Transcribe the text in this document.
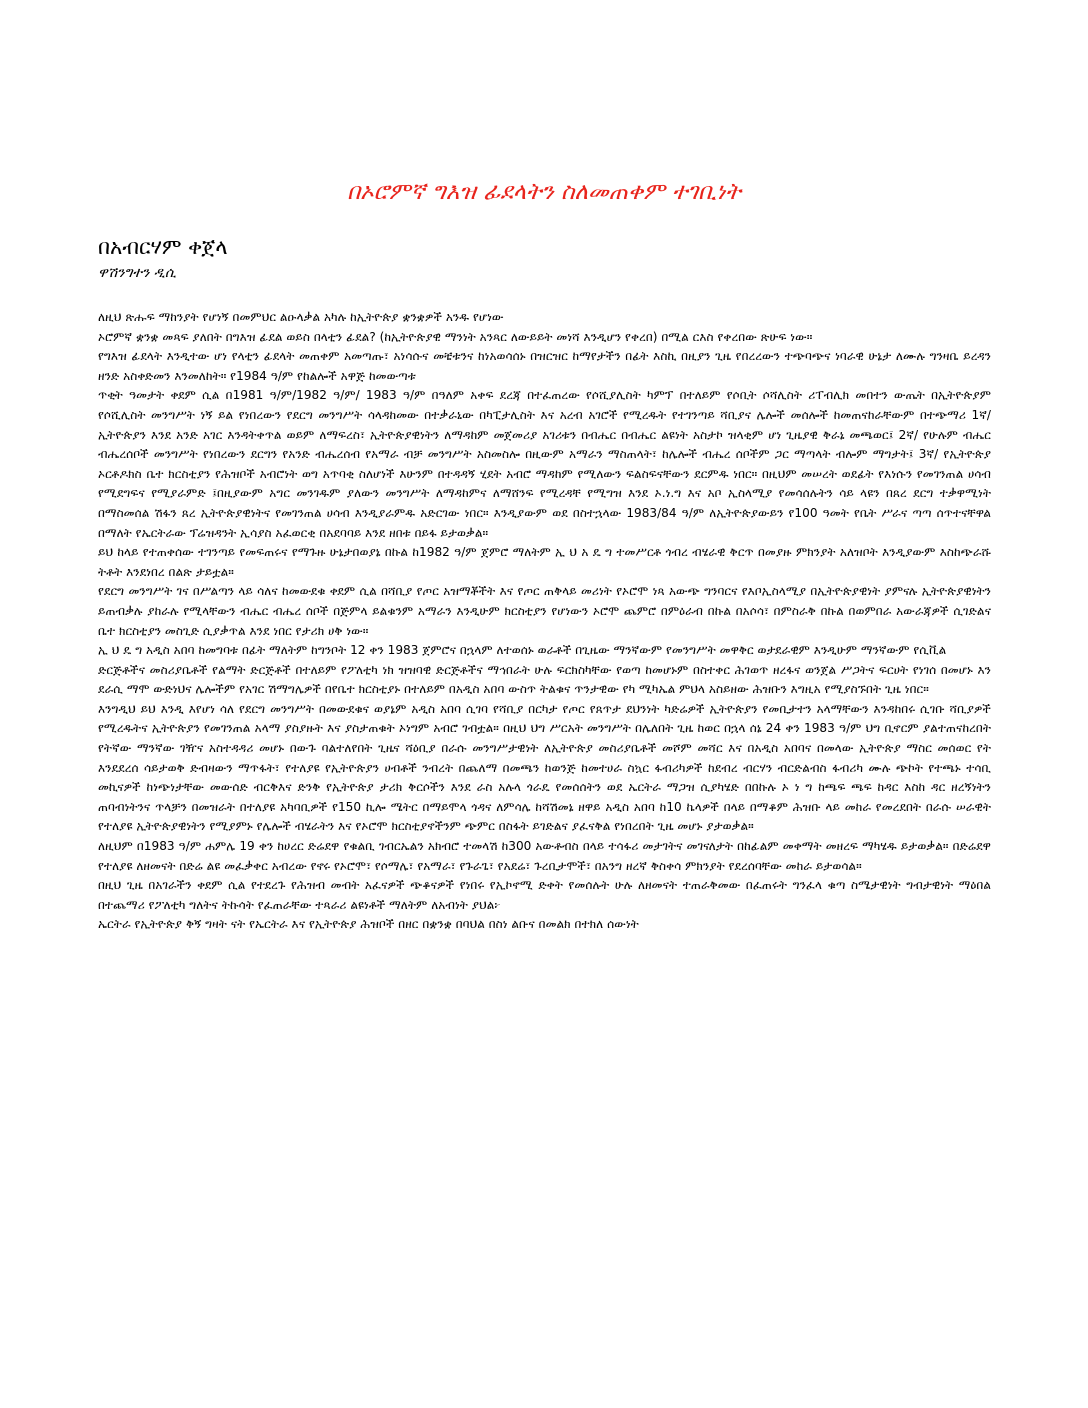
በኦሮምኛ ግእዝ ፊደላትን ስለመጠቀም ተገቢነት
በአብርሃም ቀጀላ
ዋሽንግተን ዲሲ

ለዚህ ጽሑፍ ማከንያት የሆነኝ በመምህር ልዑላቃል አካሉ ከኢትዮጵያ ቋንቋዎች አንዱ የሆነው

ኦሮምኛ ቋንቋ መጻፍ ያለበት በግእዝ ፊደል ወይስ በላቲን ፊደል? (ከኢትዮጵያዊ ማንነት አንጻር ለውይይት መነሻ እንዲሆን የቀረበ) በሚል ርእስ የቀረበው ጽሁፍ ነው።

የግእዝ ፊደላት እንዲተው ሆነ የላቲን ፊደላት መጠቀም አመጣጡ፣ አነሳሱና መቼቱንና ከነአወሳሰኑ በዝርዝር ከማየታችን በፊት እስኪ በዚያን ጊዜ የበረረውን ተጭባጭና ነባራዊ ሁኔታ ለሙሉ ግንዛቤ ይረዳን ዘንድ አስቀድመን እንመለከት። የ1984 ዓ/ም የከልሎች አዋጅ ከመውጣቱ

ጥቂት ዓመታት ቀደም ሲል በ1981 ዓ/ም/1982 ዓ/ም/ 1983 ዓ/ም በዓለም አቀፍ ደረጃ በተፈጠረው የሶሺያሊስት ካምፕ በተለይም የሶቢት ሶሻሊስት ሪፐብሊክ መበተን ውጤት በኢትዮጵያም የሶሺሊስት መንግሥት ነኝ ይል የነበረውን የደርግ መንግሥት ሳላዳከመው በተቃራኒው በካፒታሊስት እና አረብ አገሮች የሚረዱት የተገንጣይ ሻቢያና ሌሎች መሰሎች ከመጠናከራቸውም በተጭማሪ 1ኛ/ ኢትዮጵያን እንደ አንድ አገር እንዳትቀጥል ወይም ለማፍረስ፣ ኢትዮጵያዊነትን ለማዳከም መጀመሪያ አገሪቱን በብሔር በብሔር ልዩነት አስታኮ ዝላቂም ሆነ ጊዜያዊ ቅራኔ መጫወር፤ 2ኛ/ የሁሉም ብሔር ብሔረሰቦች መንግሥት የነበረውን ደርግን የአንድ ብሔረሰብ የአማራ ብቻ መንግሥት አስመስሎ በዚውም አማራን ማስጠላት፣ ከሌሎች ብሔረ ሰቦችም ጋር ማጣላት ብሎም ማግታት፤ 3ኛ/ የኢትዮጵያ ኦርቶዶክስ ቤተ ክርስቲያን የሕዝቦች አብሮነት ወግ አጥባቂ ስለሆነች እሁንም በተዳዳኝ ሂደት አብሮ ማዳከም የሚለውን ፍልስፍናቸውን ደርምዱ ነበር። በዚህም መሠረት ወደፊት የእነሱን የመገንጠል ሀሳብ የሚደግፍና የሚያራምድ ፤በዚያውም አግር መንገዱም ያለውን መንግሥት ለማዳከምና ለማሸንፍ የሚረዳቸ የሚግዝ እንደ ኦ.ነ.ግ እና አቦ ኢስላሚያ የመሳሰሉትን ሳይ ላዩን በጸረ ደርግ ተቃዋሚነት በማስመሰል ሽፋን ጸረ ኢትዮጵያዊነትና የመገንጠል ሀሳብ እንዲያራምዱ አድርገው ነበር። እንዲያውም ወደ በስተኋላው 1983/84 ዓ/ም ለኢትዮጵያውይን የ100 ዓመት የቤት ሥራና ጣጣ ሰጥተናቸዋል በማለት የኤርትራው ፕሬዝዳንት ኢሳያስ አፈወርቂ በአደባባይ እንደ ዘበቱ በይፋ ይታወቃል።

ይህ ከላይ የተጠቀሰው ተገንጣይ የመፍጠሩና የማጉዙ ሁኔታበወያኔ በኩል ከ1982 ዓ/ም ጀምሮ ማለትም ኢ ህ አ ዴ ግ ተመሥርቶ ጎብረ ብሄራዊ ቅርጥ በመያዙ ምክንያት አለዝቦት እንዲያውም እስከጭራሹ ትቶት እንደነበረ በልጽ ታይቷል።

የደርግ መንግሥት ገና በሥልጣን ላይ ሳለና ከመውደቁ ቀደም ሲል በሻቢያ የጦር አዝማቾችት እና የጦር ጠቅላይ መሪነት የኦሮሞ ነጻ አውጭ ግንባርና የእቦኢስላሚያ በኢትዮጵያዊነት ያምናሉ ኢትዮጵያዊነትን ይጠብቃሉ ያከራሉ የሚላቸውን ብሔር ብሔረ ሰቦች በጅምላ ይልቁንም አማራን እንዲሁም ክርስቲያን የሆነውን ኦሮሞ ጨምሮ በምዕራብ በኩል በአሶሳ፣ በምስራቅ በኩል በወምበራ አውራጃዎች ሲገድልና ቤተ ክርስቲያን መስጊድ ሲያቃጥል እንደ ነበር የታሪክ ሀቅ ነው።

ኢ ህ ዴ ግ አዲስ አበባ ከመግባቱ በፊት ማለትም ከግንቦት 12 ቀን 1983 ጀምሮና በኋላም ለተወሰኑ ወራቶች በጊዜው ማንኛውም የመንግሥት መዋቅር ወታደራዊም እንዲሁም ማንኛውም የሲቪል

ድርጅቶችና መስሪያቤቶች የልማት ድርጅቶች በተለይም የፖለቲካ ነክ ዝዝባዊ ድርጅቶችና ማኅበራት ሁሉ ፍርክስካቸው የወጣ ከመሆኑም በስተቀር ሕገወጥ ዘረፋና ወንጀል ሥጋትና ፍርሀት የነገሰ በመሆኑ እን ደራሲ ማሞ ውድነህና ሌሎችም የአገር ሽማግሌዎች በየቤተ ክርስቲያኑ በተለይም በአዲስ አበባ ውስጥ ትልቁና ጥንታዊው የካ ሚካኤል ምህላ አስይዘው ሕዝቡን እግዚአ የሚያስኙበት ጊዜ ነበር።

እንግዲህ ይህ እንዲ እየሆነ ሳለ የደርግ መንግሥት በመውደቁና ወያኔም አዲስ አበባ ሲገባ የሻቢያ በርካታ የጦር የጸጥታ ደህንነት ካድሬዎች ኢትዮጵያን የመቢታተን አላማቸውን እንዳከበሩ ሲገቡ ሻቢያዎች የሚረዱትና ኢትዮጵያን የመገንጠል አላማ ያስያዙት እና ያስታጠቁት ኦነግም አብሮ ገብቷል። በዚህ ህግ ሥርአት መንግሥት በሌለበት ጊዜ ከወር በኋላ ሰኔ 24 ቀን 1983 ዓ/ም ህግ ቢኖርም ያልተጠናከረበት የትኛው ማንኛው ገዥና አስተዳዳሪ መሆኑ በውጉ ባልተለየበት ጊዜና ሻዕቢያ በራሱ መንግሥታዊነት ለኢትዮጵያ መስሪያቤቶች መሾም መሻር እና በአዲስ አበባና በመላው ኢትዮጵያ ማስር መሰወር የት እንደደረሰ ሳይታወቅ ድብዛውን ማጥፋት፣ የተለያዩ የኢትዮጵያን ሀብቶች ንብረት በጨለማ በመጫን ከወንጅ ከመተሀራ ስኳር ፋብሪካዎች ከደብረ ብርሃን ብርድልብስ ፋብሪካ ሙሉ ጭኮት የተጫኑ ተሳቢ መኪናዎች ከነጭነታቸው መውሰድ ብርቅእና ድንቅ የኢትዮጵያ ታሪክ ቅርሶችን እንደ ራስ አሉላ ጎራዴ የመሰሰትን ወደ ኤርትራ ማጋዝ ሲያካሄድ በበኩሉ ኦ ነ ግ ከጫፍ ጫፍ ከዳር እስከ ዳር ዘረኝነትን ጠባብነትንና ጥላቻን በመዝራት በተለያዩ አካባቢዎች የ150 ኪሎ ሜትር በማይሞላ ጎዳና ለምሳሌ ከሻሽመኔ ዘዋይ አዲስ አበባ ከ10 ኬላዎች በላይ በማቆም ሕዝቡ ላይ መከራ የመረደበት በራሱ ሠራዊት የተለያዩ ኢትዮጵያዊነትን የሚያምኑ የሌሎች ብሄራትን እና የኦሮሞ ክርስቲያኖችንም ጭምር በስፋት ይገድልና ያፈናቅል የነበረበት ጊዜ መሆኑ ያታወቃል።

ለዚህም በ1983 ዓ/ም ሐምሌ 19 ቀን ከሀረር ድሬደዋ የቁልቢ ገብርኤልን አክብሮ ተመላሽ ከ300 አውቶብስ በላይ ተሳፋሪ መታገትና መገናለታት በከፊልም መቀማት መዘረፍ ማካሄዱ ይታወቃል። በድሬደዋ የተለያዩ ለዘመናት በድሬ ልዩ መፈቃቀር አብረው የኖሩ የኦሮሞ፣ የሶማሌ፣ የአማራ፣ የጉራጌ፣ የአደሬ፣ ጉረቢታሞች፣ በአንግ ዘረኛ ቅስቀሳ ምክንያት የደረሰባቸው መከራ ይታወሳል።

በዚህ ጊዜ በአገራችን ቀደም ሲል የተደረጉ የሕዝብ መብት አፈናዎች ጭቆናዎች የነበሩ የኢኮኖሚ ድቀት የመሰሉት ሁሉ ለዘመናት ተጠራቅመው በፈጠሩት ግንፈላ ቁጣ ስሜታዊነት ግብታዊነት ማዕበል በተጨማሪ የፖለቲካ ግለትና ትኩሳት የፈጠራቸው ተጻራሪ ልዩነቶች ማለትም ለአብነት ያህል፦

ኤርትራ የኢትዮጵያ ቅኝ ግዛት ናት የኤርትራ እና የኢትዮጵያ ሕዝቦች በዘር በቋንቋ በባህል በስነ ልቡና በመልክ በተክለ ሰውነት
